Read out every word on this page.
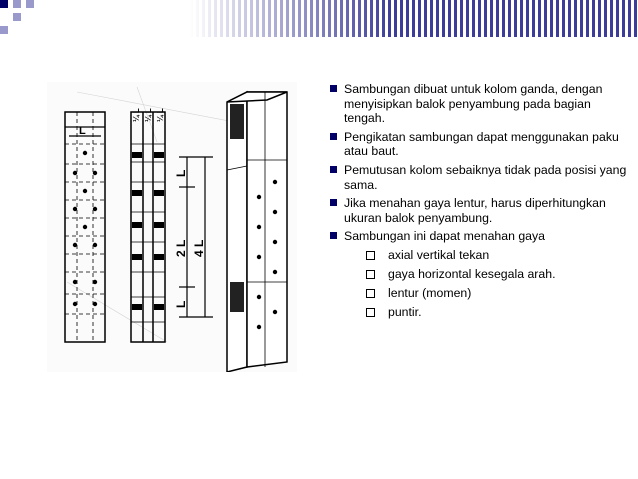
L
¼ L ¼ L ¼ L
L
2 L
L
4 L
Sambungan dibuat untuk kolom ganda, dengan menyisipkan balok penyambung pada bagian tengah.
Pengikatan sambungan dapat menggunakan paku atau baut.
Pemutusan kolom sebaiknya tidak pada posisi yang sama.
Jika menahan gaya lentur, harus diperhitungkan ukuran balok penyambung.
Sambungan ini dapat menahan gaya
axial vertikal tekan
gaya horizontal kesegala arah.
lentur (momen)
puntir.
